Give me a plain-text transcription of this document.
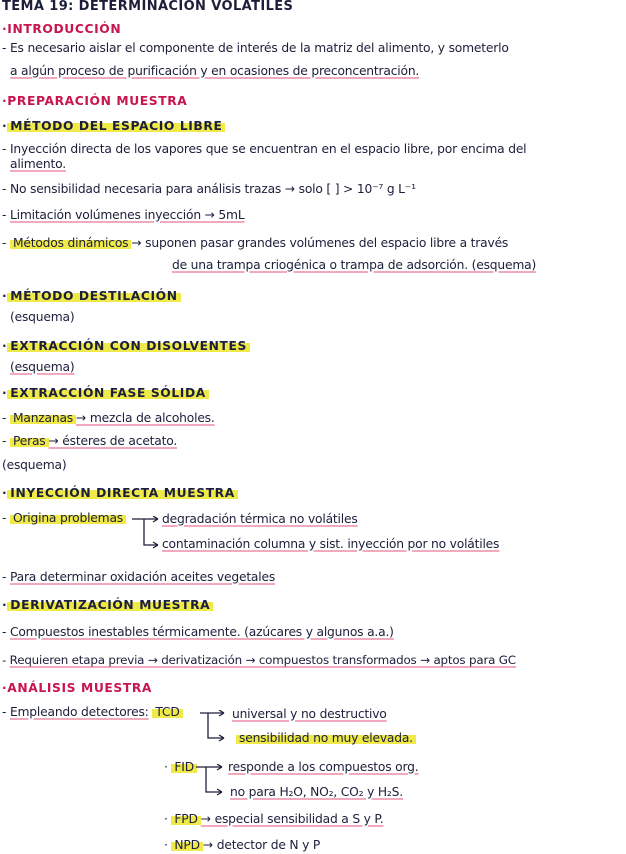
TEMA 19: DETERMINACIÓN VOLÁTILES
·INTRODUCCIÓN
- Es necesario aislar el componente de interés de la matriz del alimento, y someterlo
a algún proceso de purificación y en ocasiones de preconcentración.
·PREPARACIÓN MUESTRA
· MÉTODO DEL ESPACIO LIBRE
- Inyección directa de los vapores que se encuentran en el espacio libre, por encima del
alimento.
- No sensibilidad necesaria para análisis trazas → solo [ ] > 10⁻⁷ g L⁻¹
- Limitación volúmenes inyección → 5mL
- Métodos dinámicos → suponen pasar grandes volúmenes del espacio libre a través
de una trampa criogénica o trampa de adsorción. (esquema)
· MÉTODO DESTILACIÓN
(esquema)
· EXTRACCIÓN CON DISOLVENTES
(esquema)
· EXTRACCIÓN FASE SÓLIDA
- Manzanas → mezcla de alcoholes.
- Peras → ésteres de acetato.
(esquema)
· INYECCIÓN DIRECTA MUESTRA
- Origina problemas	degradación térmica no volátiles
contaminación columna y sist. inyección por no volátiles
- Para determinar oxidación aceites vegetales
· DERIVATIZACIÓN MUESTRA
- Compuestos inestables térmicamente. (azúcares y algunos a.a.)
- Requieren etapa previa → derivatización → compuestos transformados → aptos para GC
·ANÁLISIS MUESTRA
- Empleando detectores: TCD	universal y no destructivo
sensibilidad no muy elevada.
· FID	responde a los compuestos org.
no para H₂O, NO₂, CO₂ y H₂S.
· FPD → especial sensibilidad a S y P.
· NPD → detector de N y P
